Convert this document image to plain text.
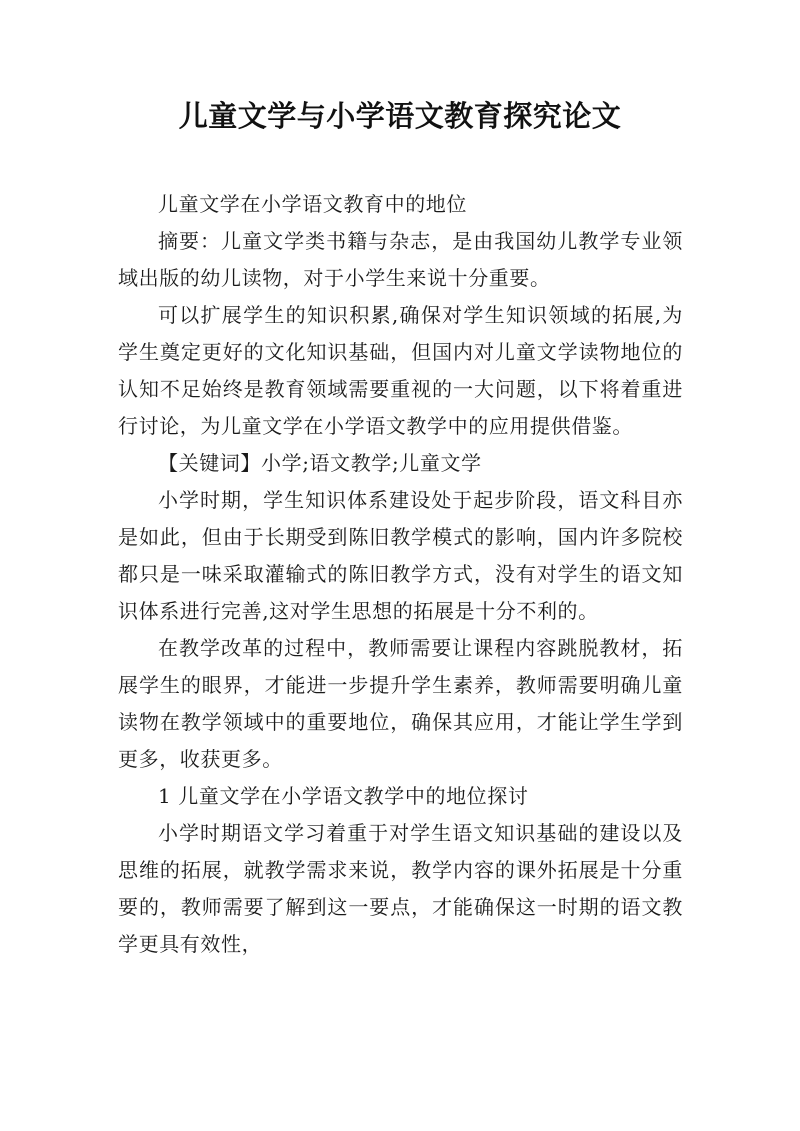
儿童文学与小学语文教育探究论文

儿童文学在小学语文教育中的地位

摘要：儿童文学类书籍与杂志，是由我国幼儿教学专业领域出版的幼儿读物，对于小学生来说十分重要。

可以扩展学生的知识积累,确保对学生知识领域的拓展,为学生奠定更好的文化知识基础，但国内对儿童文学读物地位的认知不足始终是教育领域需要重视的一大问题，以下将着重进行讨论，为儿童文学在小学语文教学中的应用提供借鉴。

【关键词】小学;语文教学;儿童文学

小学时期，学生知识体系建设处于起步阶段，语文科目亦是如此，但由于长期受到陈旧教学模式的影响，国内许多院校都只是一味采取灌输式的陈旧教学方式，没有对学生的语文知识体系进行完善,这对学生思想的拓展是十分不利的。

在教学改革的过程中，教师需要让课程内容跳脱教材，拓展学生的眼界，才能进一步提升学生素养，教师需要明确儿童读物在教学领域中的重要地位，确保其应用，才能让学生学到更多，收获更多。

1 儿童文学在小学语文教学中的地位探讨

小学时期语文学习着重于对学生语文知识基础的建设以及思维的拓展，就教学需求来说，教学内容的课外拓展是十分重要的，教师需要了解到这一要点，才能确保这一时期的语文教学更具有效性，
